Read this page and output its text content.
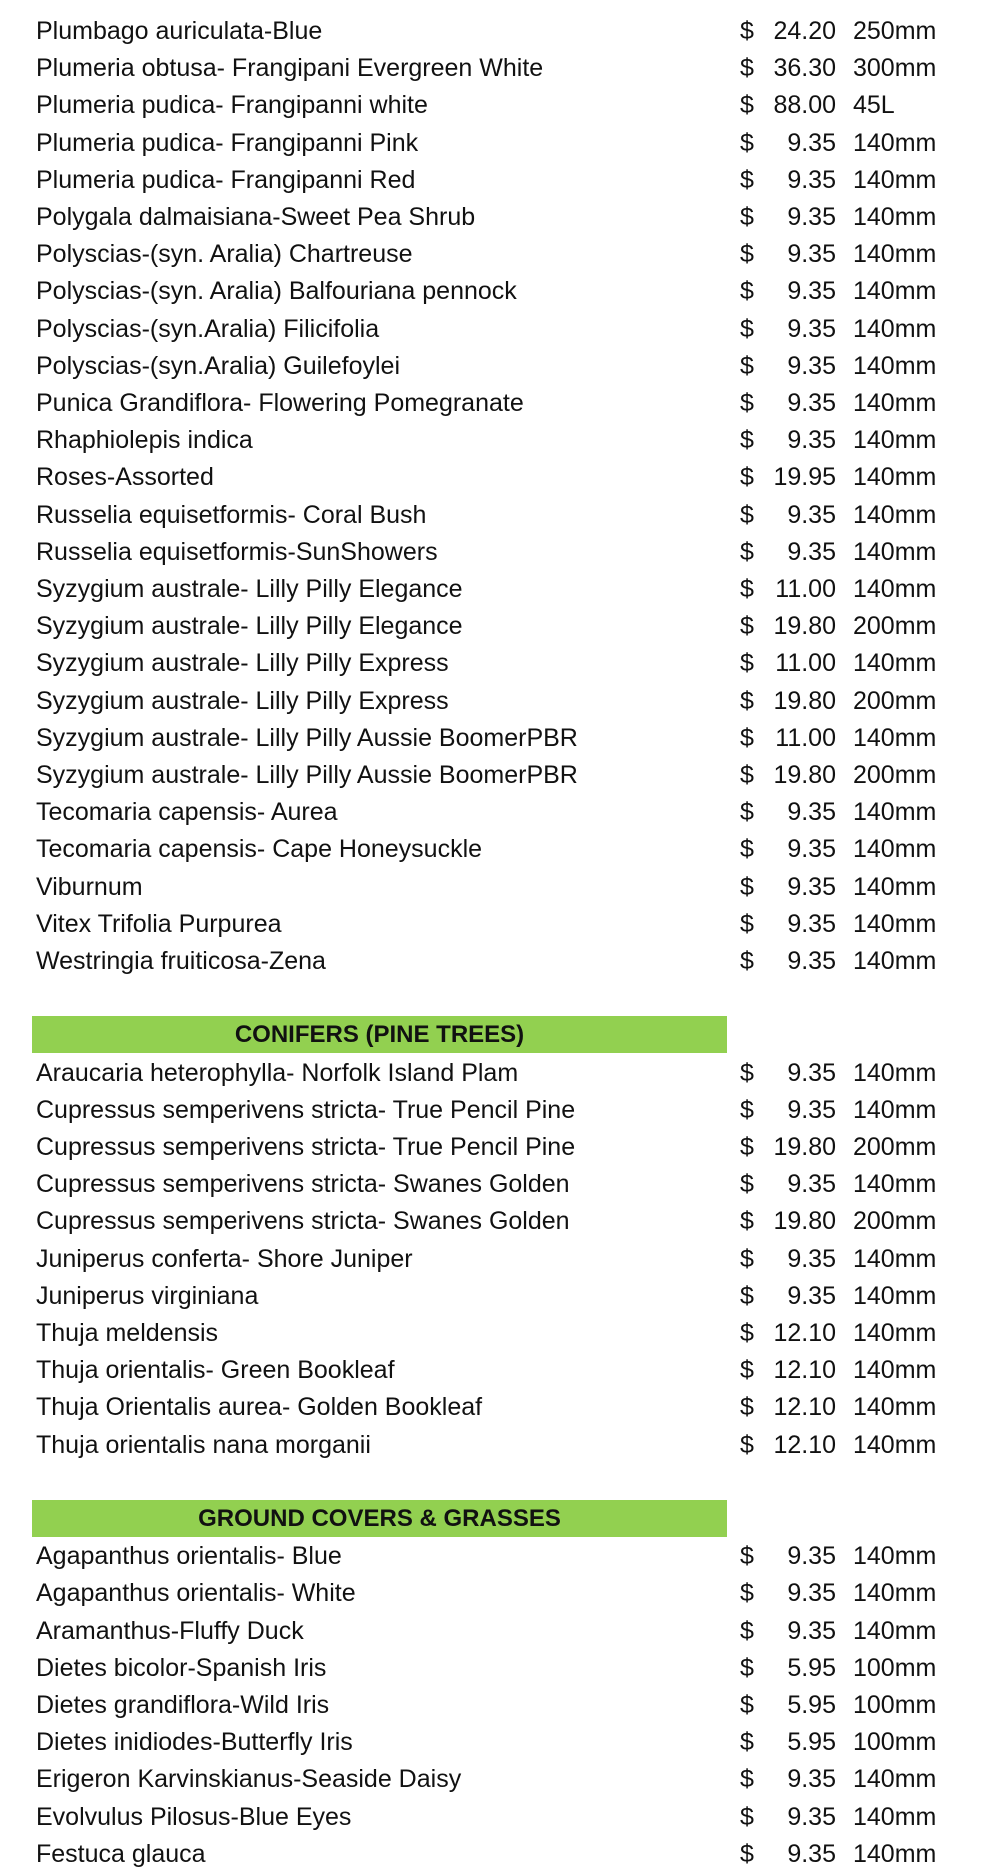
Plumbago auriculata-Blue	$ 24.20 250mm
Plumeria obtusa- Frangipani Evergreen White	$ 36.30 300mm
Plumeria pudica- Frangipanni white	$ 88.00 45L
Plumeria pudica- Frangipanni Pink	$	9.35 140mm
Plumeria pudica- Frangipanni Red	$	9.35 140mm
Polygala dalmaisiana-Sweet Pea Shrub	$	9.35 140mm
Polyscias-(syn. Aralia) Chartreuse	$	9.35 140mm
Polyscias-(syn. Aralia) Balfouriana pennock	$	9.35 140mm
Polyscias-(syn.Aralia) Filicifolia	$	9.35 140mm
Polyscias-(syn.Aralia) Guilefoylei	$	9.35 140mm
Punica Grandiflora- Flowering Pomegranate	$	9.35 140mm
Rhaphiolepis indica	$	9.35 140mm
Roses-Assorted	$ 19.95 140mm
Russelia equisetformis- Coral Bush	$	9.35 140mm
Russelia equisetformis-SunShowers	$	9.35 140mm
Syzygium australe- Lilly Pilly Elegance	$ 11.00 140mm
Syzygium australe- Lilly Pilly Elegance	$ 19.80 200mm
Syzygium australe- Lilly Pilly Express	$ 11.00 140mm
Syzygium australe- Lilly Pilly Express	$ 19.80 200mm
Syzygium australe- Lilly Pilly Aussie BoomerPBR	$ 11.00 140mm
Syzygium australe- Lilly Pilly Aussie BoomerPBR	$ 19.80 200mm
Tecomaria capensis- Aurea	$	9.35 140mm
Tecomaria capensis- Cape Honeysuckle	$	9.35 140mm
Viburnum	$	9.35 140mm
Vitex Trifolia Purpurea	$	9.35 140mm
Westringia fruiticosa-Zena	$	9.35 140mm
CONIFERS (PINE TREES)
Araucaria heterophylla- Norfolk Island Plam	$	9.35 140mm
Cupressus semperivens stricta- True Pencil Pine	$	9.35 140mm
Cupressus semperivens stricta- True Pencil Pine	$ 19.80 200mm
Cupressus semperivens stricta- Swanes Golden	$	9.35 140mm
Cupressus semperivens stricta- Swanes Golden	$ 19.80 200mm
Juniperus conferta- Shore Juniper	$	9.35 140mm
Juniperus virginiana	$	9.35 140mm
Thuja meldensis	$ 12.10 140mm
Thuja orientalis- Green Bookleaf	$ 12.10 140mm
Thuja Orientalis aurea- Golden Bookleaf	$ 12.10 140mm
Thuja orientalis nana morganii	$ 12.10 140mm
GROUND COVERS & GRASSES
Agapanthus orientalis- Blue	$	9.35 140mm
Agapanthus orientalis- White	$	9.35 140mm
Aramanthus-Fluffy Duck	$	9.35 140mm
Dietes bicolor-Spanish Iris	$	5.95 100mm
Dietes grandiflora-Wild Iris	$	5.95 100mm
Dietes inidiodes-Butterfly Iris	$	5.95 100mm
Erigeron Karvinskianus-Seaside Daisy	$	9.35 140mm
Evolvulus Pilosus-Blue Eyes	$	9.35 140mm
Festuca glauca	$	9.35 140mm
